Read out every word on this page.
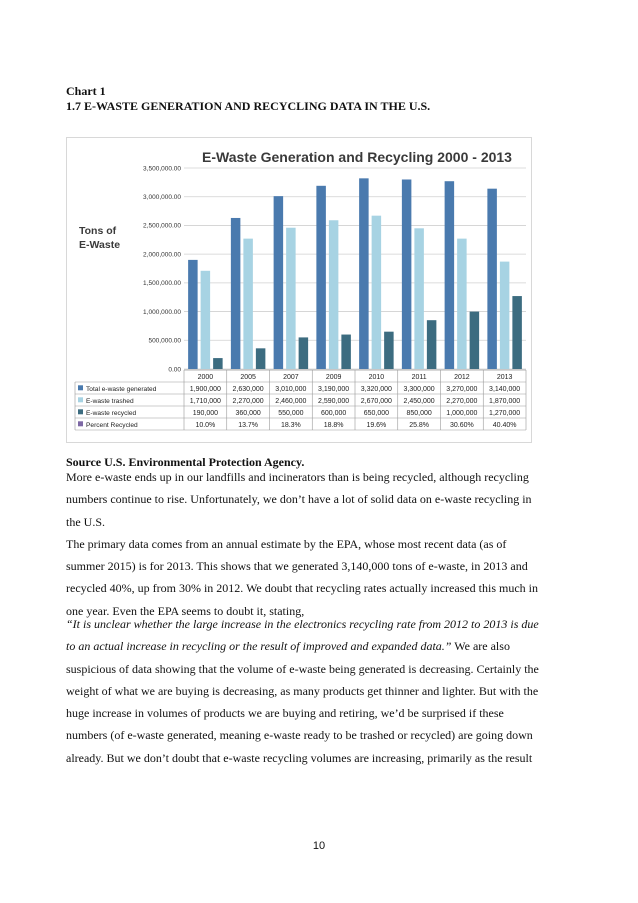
Chart 1
1.7 E-WASTE GENERATION AND RECYCLING DATA IN THE U.S.
E-Waste Generation and Recycling 2000 - 2013
Tons of
E-Waste
3,500,000.00
3,000,000.00
2,500,000.00
2,000,000.00
1,500,000.00
1,000,000.00
500,000.00
0.00
2000	2005	2007	2009	2010	2011	2012	2013
Total e-waste generated	1,900,000 2,630,000 3,010,000 3,190,000 3,320,000 3,300,000 3,270,000 3,140,000
E-waste trashed	1,710,000 2,270,000 2,460,000 2,590,000 2,670,000 2,450,000 2,270,000 1,870,000
E-waste recycled	190,000 360,000 550,000 600,000 650,000 850,000 1,000,000 1,270,000
Percent Recycled	10.0%	13.7%	18.3%	18.8%	19.6%	25.8%	30.60%	40.40%
Source U.S. Environmental Protection Agency.
More e-waste ends up in our landfills and incinerators than is being recycled, although recycling
numbers continue to rise. Unfortunately, we don’t have a lot of solid data on e-waste recycling in
the U.S.
The primary data comes from an annual estimate by the EPA, whose most recent data (as of
summer 2015) is for 2013. This shows that we generated 3,140,000 tons of e-waste, in 2013 and
recycled 40%, up from 30% in 2012. We doubt that recycling rates actually increased this much in
one year. Even the EPA seems to doubt it, stating,
“It is unclear whether the large increase in the electronics recycling rate from 2012 to 2013 is due
to an actual increase in recycling or the result of improved and expanded data.” We are also
suspicious of data showing that the volume of e-waste being generated is decreasing. Certainly the
weight of what we are buying is decreasing, as many products get thinner and lighter. But with the
huge increase in volumes of products we are buying and retiring, we’d be surprised if these
numbers (of e-waste generated, meaning e-waste ready to be trashed or recycled) are going down
already. But we don’t doubt that e-waste recycling volumes are increasing, primarily as the result
10
